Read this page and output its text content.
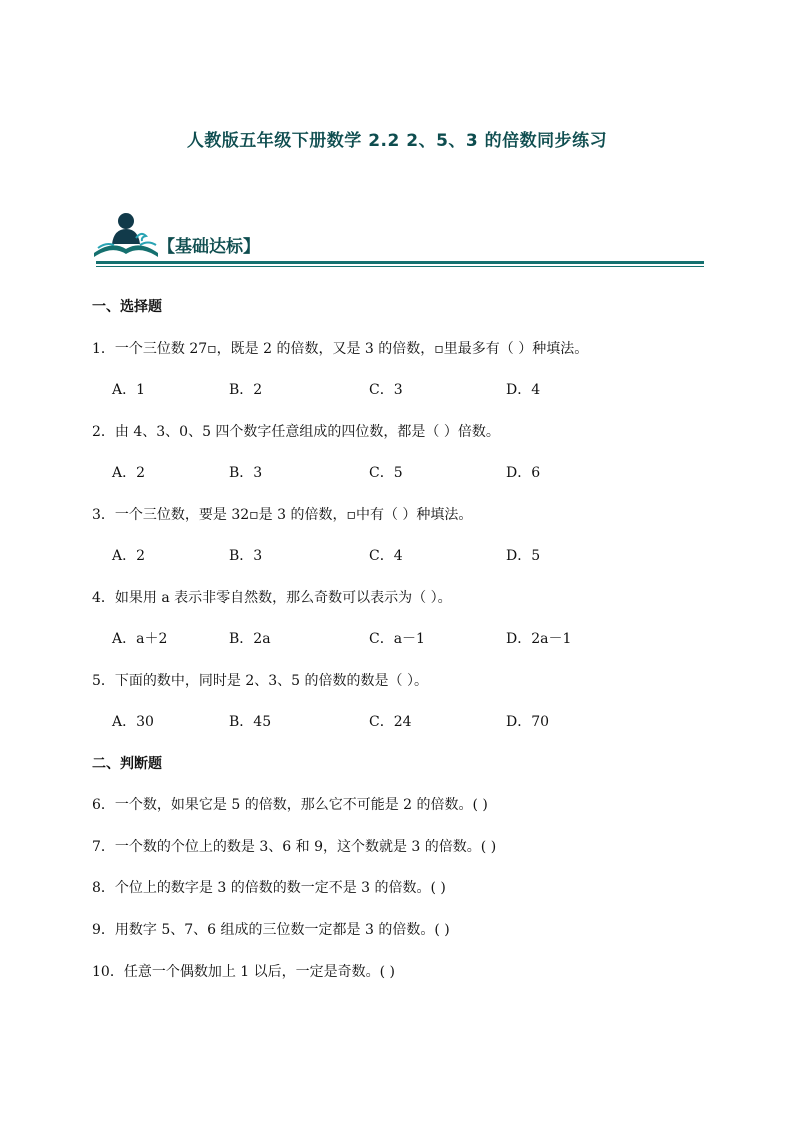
人教版五年级下册数学 2.2 2、5、3 的倍数同步练习
【基础达标】
一、选择题
1．一个三位数 27▫，既是 2 的倍数，又是 3 的倍数，▫里最多有（ ）种填法。
A．1	B．2	C．3	D．4
2．由 4、3、0、5 四个数字任意组成的四位数，都是（ ）倍数。
A．2	B．3	C．5	D．6
3．一个三位数，要是 32▫是 3 的倍数，▫中有（ ）种填法。
A．2	B．3	C．4	D．5
4．如果用 a 表示非零自然数，那么奇数可以表示为（ ）。
A．a＋2	B．2a	C．a－1	D．2a－1
5．下面的数中，同时是 2、3、5 的倍数的数是（ ）。
A．30	B．45	C．24	D．70
二、判断题
6．一个数，如果它是 5 的倍数，那么它不可能是 2 的倍数。( )
7．一个数的个位上的数是 3、6 和 9，这个数就是 3 的倍数。( )
8．个位上的数字是 3 的倍数的数一定不是 3 的倍数。( )
9．用数字 5、7、6 组成的三位数一定都是 3 的倍数。( )
10．任意一个偶数加上 1 以后，一定是奇数。( )
